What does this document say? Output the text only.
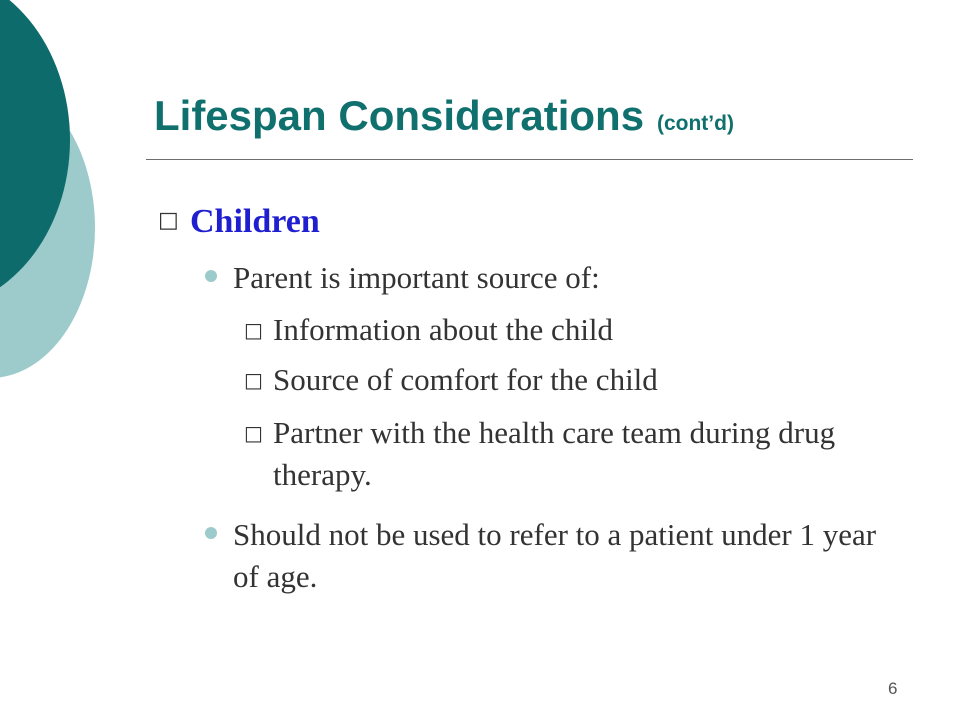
Lifespan Considerations (cont’d)
□ Children
Parent is important source of:
□ Information about the child
□ Source of comfort for the child
□ Partner with the health care team during drug therapy.
Should not be used to refer to a patient under 1 year of age.
6
